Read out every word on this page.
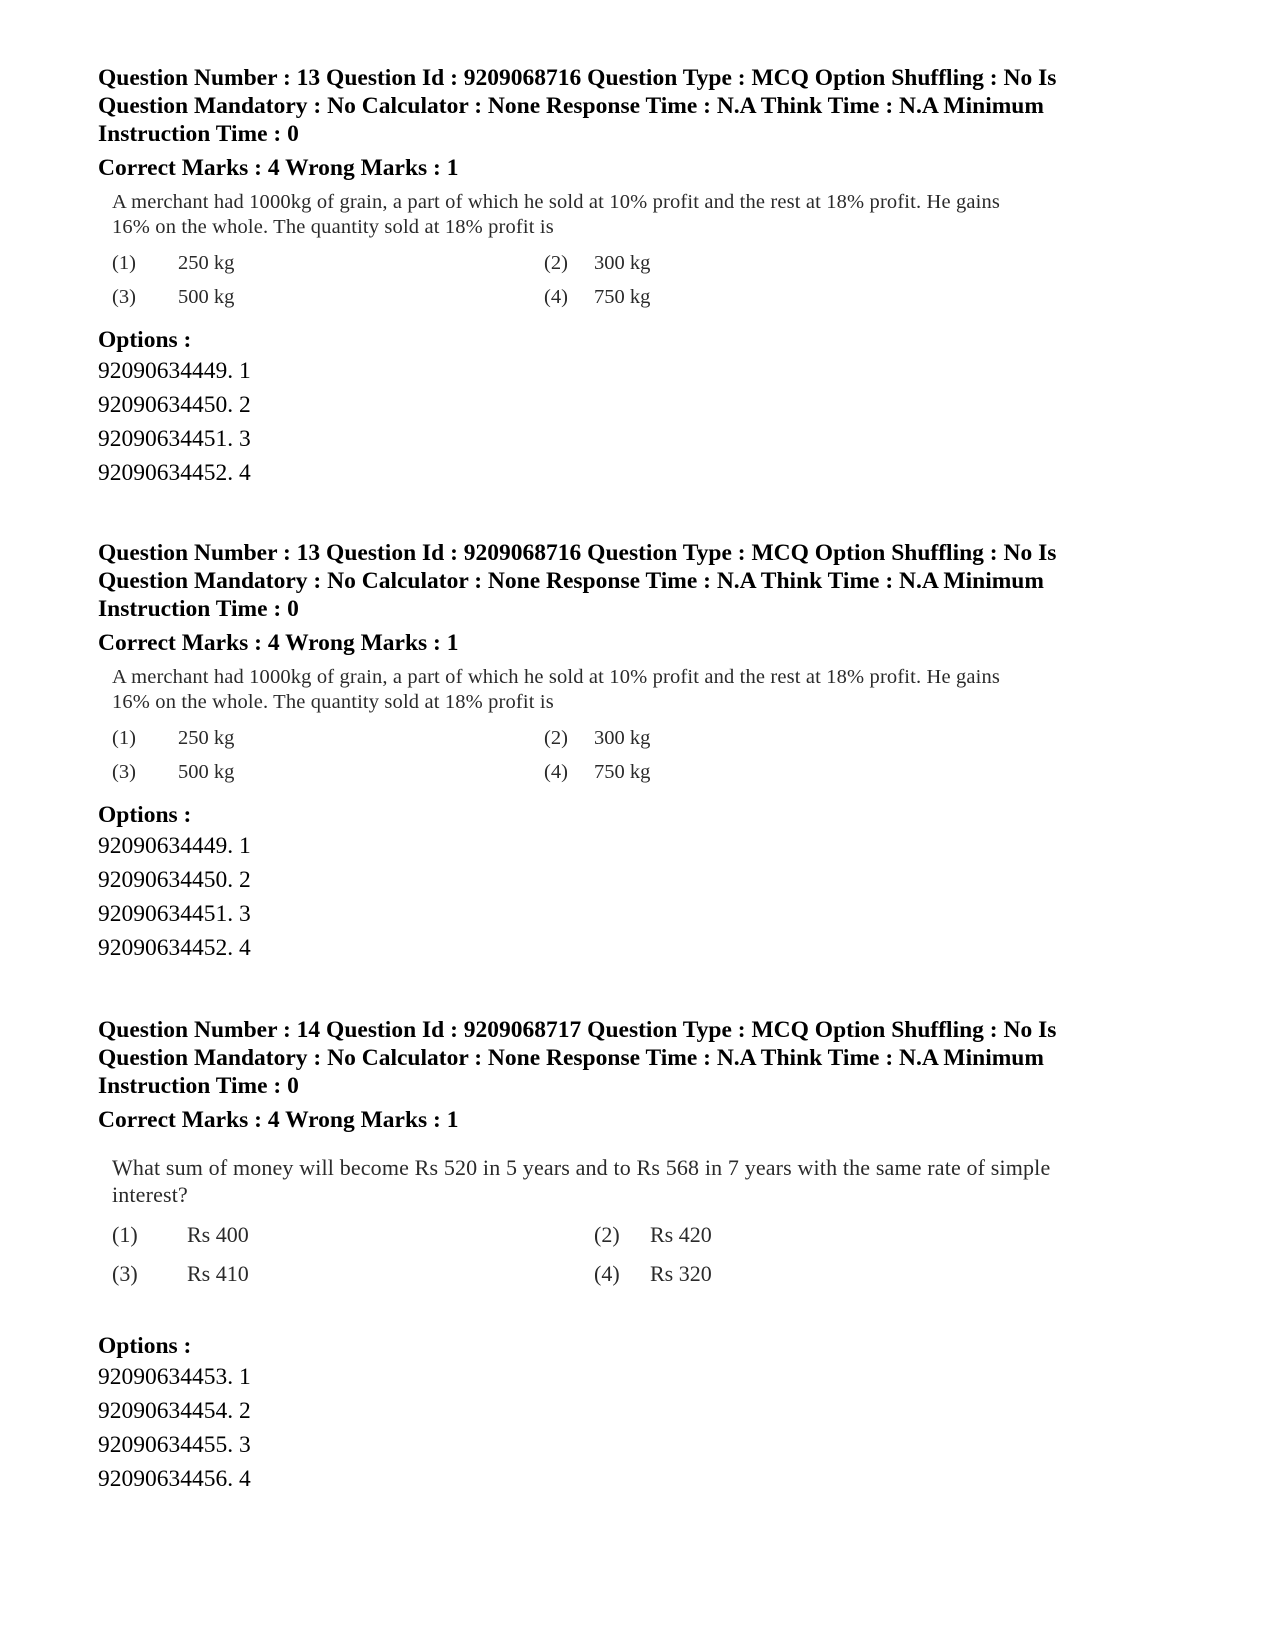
Question Number : 13 Question Id : 9209068716 Question Type : MCQ Option Shuffling : No Is Question Mandatory : No Calculator : None Response Time : N.A Think Time : N.A Minimum Instruction Time : 0

Correct Marks : 4 Wrong Marks : 1

A merchant had 1000kg of grain, a part of which he sold at 10% profit and the rest at 18% profit. He gains 16% on the whole. The quantity sold at 18% profit is

(1) 250 kg	(2) 300 kg
(3) 500 kg	(4) 750 kg
Options :
92090634449. 1
92090634450. 2
92090634451. 3
92090634452. 4

Question Number : 13 Question Id : 9209068716 Question Type : MCQ Option Shuffling : No Is Question Mandatory : No Calculator : None Response Time : N.A Think Time : N.A Minimum Instruction Time : 0

Correct Marks : 4 Wrong Marks : 1

A merchant had 1000kg of grain, a part of which he sold at 10% profit and the rest at 18% profit. He gains 16% on the whole. The quantity sold at 18% profit is

(1) 250 kg	(2) 300 kg
(3) 500 kg	(4) 750 kg
Options :
92090634449. 1
92090634450. 2
92090634451. 3
92090634452. 4

Question Number : 14 Question Id : 9209068717 Question Type : MCQ Option Shuffling : No Is Question Mandatory : No Calculator : None Response Time : N.A Think Time : N.A Minimum Instruction Time : 0

Correct Marks : 4 Wrong Marks : 1

What sum of money will become Rs 520 in 5 years and to Rs 568 in 7 years with the same rate of simple interest?

(1) Rs 400	(2) Rs 420
(3) Rs 410	(4) Rs 320
Options :
92090634453. 1
92090634454. 2
92090634455. 3
92090634456. 4
